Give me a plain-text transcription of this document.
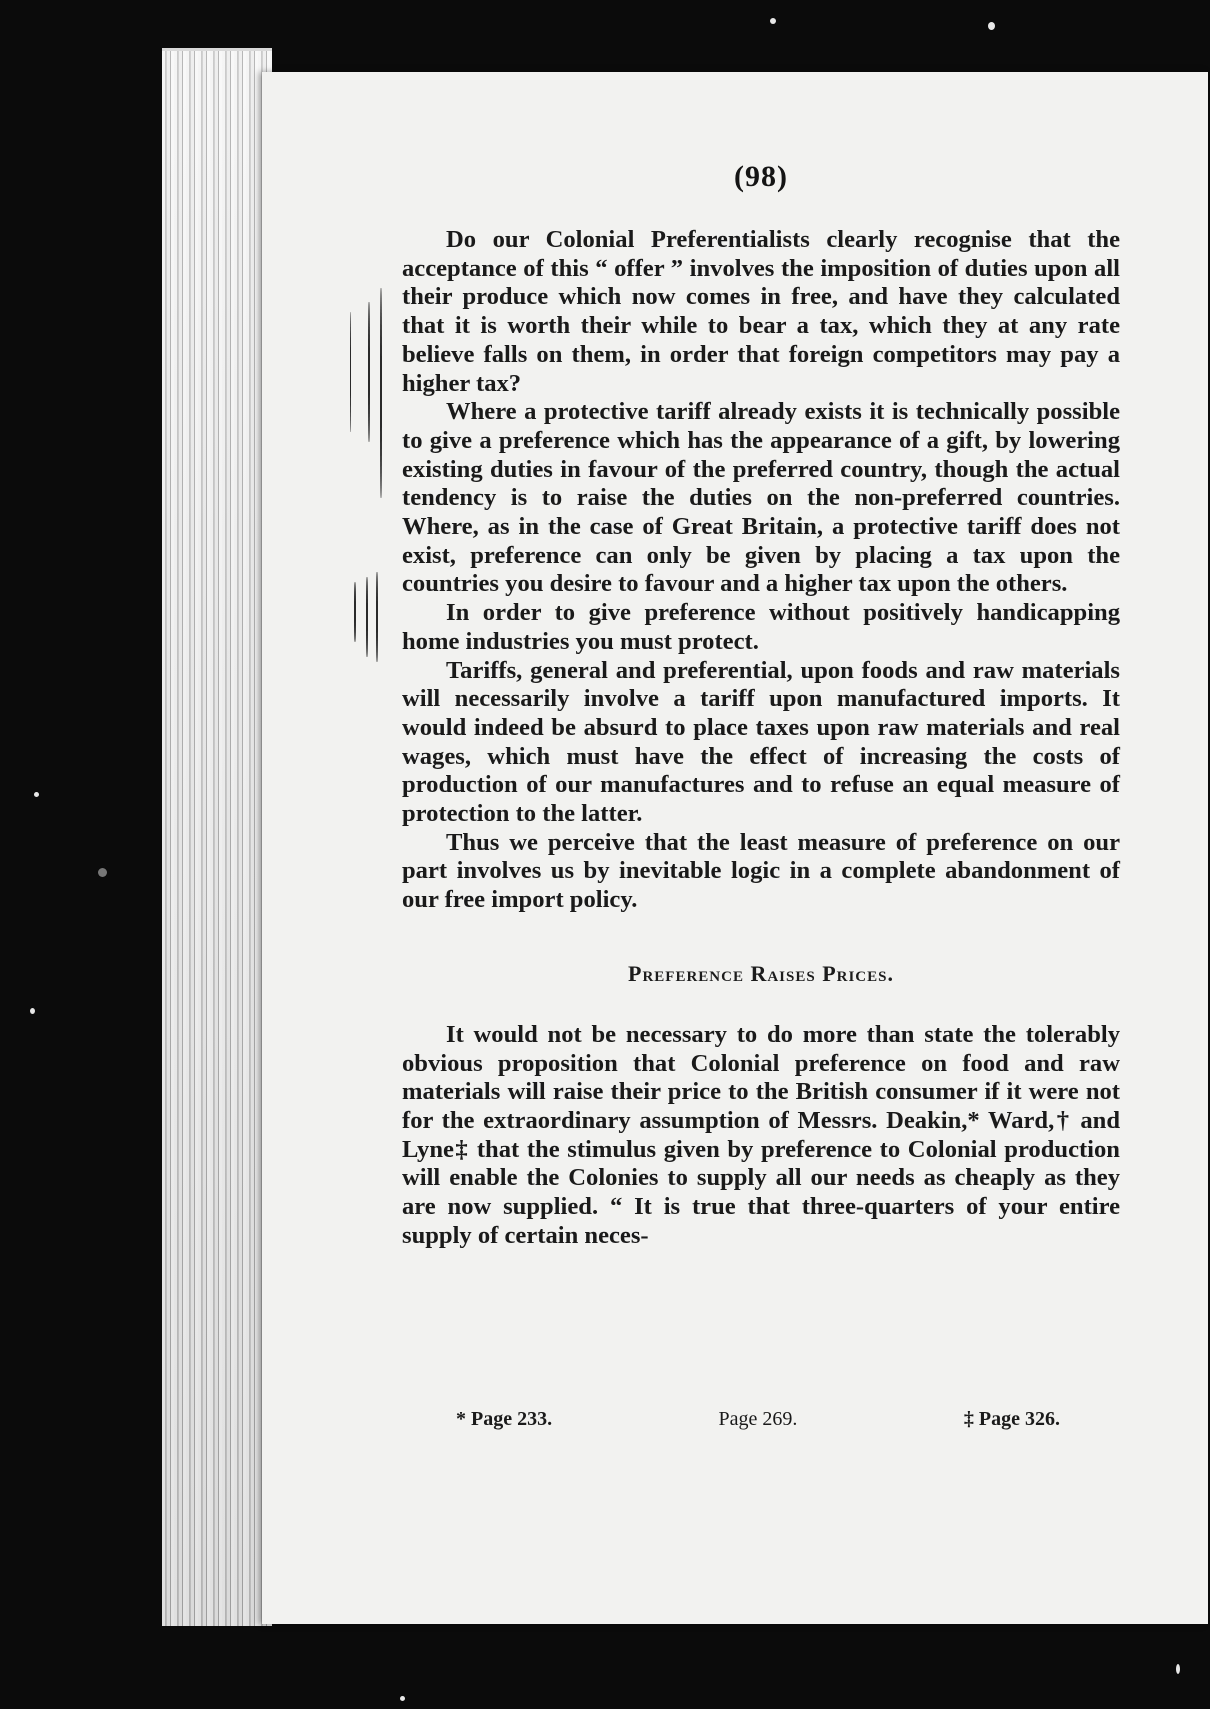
(98)

Do our Colonial Preferentialists clearly recognise that the acceptance of this “ offer ” involves the imposition of duties upon all their produce which now comes in free, and have they calculated that it is worth their while to bear a tax, which they at any rate believe falls on them, in order that foreign competitors may pay a higher tax?

Where a protective tariff already exists it is technically possible to give a preference which has the appearance of a gift, by lowering existing duties in favour of the preferred country, though the actual tendency is to raise the duties on the non-preferred countries. Where, as in the case of Great Britain, a protective tariff does not exist, preference can only be given by placing a tax upon the countries you desire to favour and a higher tax upon the others.

In order to give preference without positively handicapping home industries you must protect.

Tariffs, general and preferential, upon foods and raw materials will necessarily involve a tariff upon manufactured imports. It would indeed be absurd to place taxes upon raw materials and real wages, which must have the effect of increasing the costs of production of our manufactures and to refuse an equal measure of protection to the latter.

Thus we perceive that the least measure of preference on our part involves us by inevitable logic in a complete abandonment of our free import policy.

Preference Raises Prices.

It would not be necessary to do more than state the tolerably obvious proposition that Colonial preference on food and raw materials will raise their price to the British consumer if it were not for the extraordinary assumption of Messrs. Deakin,* Ward,† and Lyne‡ that the stimulus given by preference to Colonial production will enable the Colonies to supply all our needs as cheaply as they are now supplied. “ It is true that three-quarters of your entire supply of certain neces-

* Page 233.	Page 269.	‡ Page 326.
